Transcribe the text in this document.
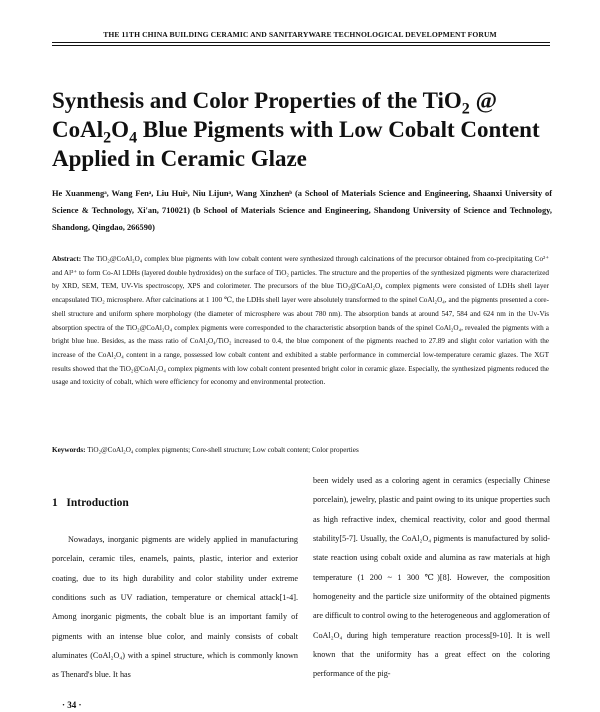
THE 11TH CHINA BUILDING CERAMIC AND SANITARYWARE TECHNOLOGICAL DEVELOPMENT FORUM
Synthesis and Color Properties of the TiO$_2$ @
$CoAl_2O_4$ Blue Pigments with Low Cobalt Content
Applied in Ceramic Glaze
He Xuanmengᵃ, Wang Fenᵃ, Liu Huiᵃ, Niu Lijunᵃ, Wang Xinzhenᵇ (a School of Materials Science and Engineering, Shaanxi University of Science & Technology, Xi'an, 710021) (b School of Materials Science and Engineering, Shandong University of Science and Technology, Shandong, Qingdao, 266590)
Abstract: The TiO₂@CoAl₂O₄ complex blue pigments with low cobalt content were synthesized through calcinations of the precursor obtained from co-precipitating Co²⁺ and Al³⁺ to form Co-Al LDHs (layered double hydroxides) on the surface of TiO₂ particles. The structure and the properties of the synthesized pigments were characterized by XRD, SEM, TEM, UV-Vis spectroscopy, XPS and colorimeter. The precursors of the blue TiO₂@CoAl₂O₄ complex pigments were consisted of LDHs shell layer encapsulated TiO₂ microsphere. After calcinations at 1 100 ℃, the LDHs shell layer were absolutely transformed to the spinel CoAl₂O₄, and the pigments presented a core-shell structure and uniform sphere morphology (the diameter of microsphere was about 780 nm). The absorption bands at around 547, 584 and 624 nm in the Uv-Vis absorption spectra of the TiO₂@CoAl₂O₄ complex pigments were corresponded to the characteristic absorption bands of the spinel CoAl₂O₄, revealed the pigments with a bright blue hue. Besides, as the mass ratio of CoAl₂O₄/TiO₂ increased to 0.4, the blue component of the pigments reached to 27.89 and slight color variation with the increase of the CoAl₂O₄ content in a range, possessed low cobalt content and exhibited a stable performance in commercial low-temperature ceramic glazes. The XGT results showed that the TiO₂@CoAl₂O₄ complex pigments with low cobalt content presented bright color in ceramic glaze. Especially, the synthesized pigments reduced the usage and toxicity of cobalt, which were efficiency for economy and environmental protection.
Keywords: TiO₂@CoAl₂O₄ complex pigments; Core-shell structure; Low cobalt content; Color properties
1 Introduction

Nowadays, inorganic pigments are widely applied in manufacturing porcelain, ceramic tiles, enamels, paints, plastic, interior and exterior coating, due to its high durability and color stability under extreme conditions such as UV radiation, temperature or chemical attack[1-4]. Among inorganic pigments, the cobalt blue is an important family of pigments with an intense blue color, and mainly consists of cobalt aluminates (CoAl₂O₄) with a spinel structure, which is commonly known as Thenard's blue. It has

been widely used as a coloring agent in ceramics (especially Chinese porcelain), jewelry, plastic and paint owing to its unique properties such as high refractive index, chemical reactivity, color and good thermal stability[5-7]. Usually, the CoAl₂O₄ pigments is manufactured by solid-state reaction using cobalt oxide and alumina as raw materials at high temperature (1 200 ~ 1 300 ℃)[8]. However, the composition homogeneity and the particle size uniformity of the obtained pigments are difficult to control owing to the heterogeneous and agglomeration of CoAl₂O₄ during high temperature reaction process[9-10]. It is well known that the uniformity has a great effect on the coloring performance of the pig-

· 34 ·
